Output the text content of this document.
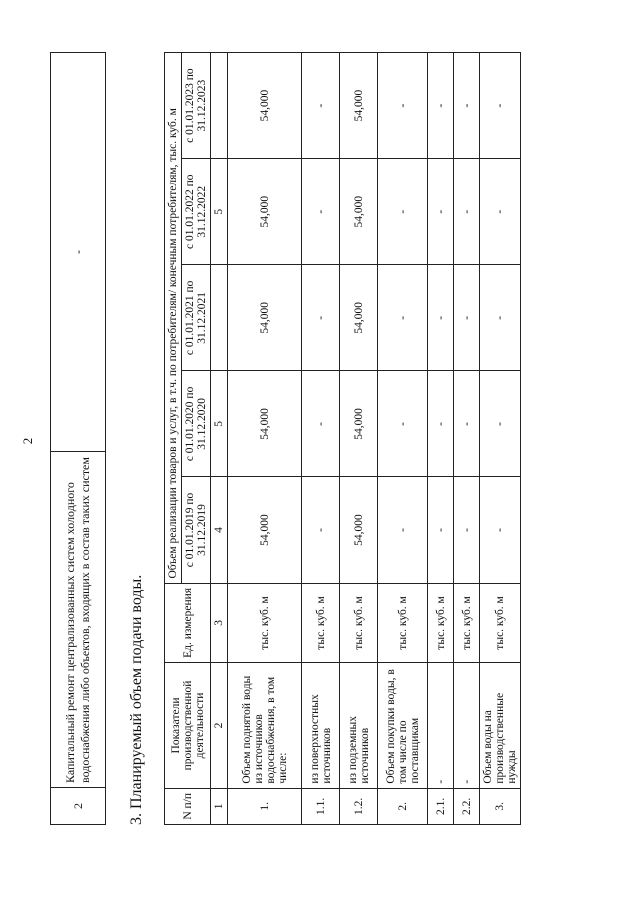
2
2	Капитальный ремонт централизованных систем холодного водоснабжения либо объектов, входящих в состав таких систем	-
3. Планируемый объем подачи воды.	N п/п	Показатели производственной деятельности	Ед. измерения	Объем реализации товаров и услуг, в т.ч. по потребителям/ конечным потребителям, тыс. куб. м				
			с 01.01.2019 по 31.12.2019	с 01.01.2020 по 31.12.2020	с 01.01.2021 по 31.12.2021	с 01.01.2022 по 31.12.2022	с 01.01.2023 по 31.12.2023
1	2	3	4	5		5	
1.	Объем поднятой воды из источников водоснабжения, в том числе:	тыс. куб. м	54,000	54,000	54,000	54,000	54,000
1.1.	из поверхностных источников	тыс. куб. м	-	-	-	-	-
1.2.	из подземных источников	тыс. куб. м	54,000	54,000	54,000	54,000	54,000
2.	Объем покупки воды, в том числе по поставщикам	тыс. куб. м	-	-	-	-	-
2.1.	-	тыс. куб. м	-	-	-	-	-
2.2.	-	тыс. куб. м	-	-	-	-	-
3.	Объем воды на производственные нужды	тыс. куб. м	-	-	-	-	-
